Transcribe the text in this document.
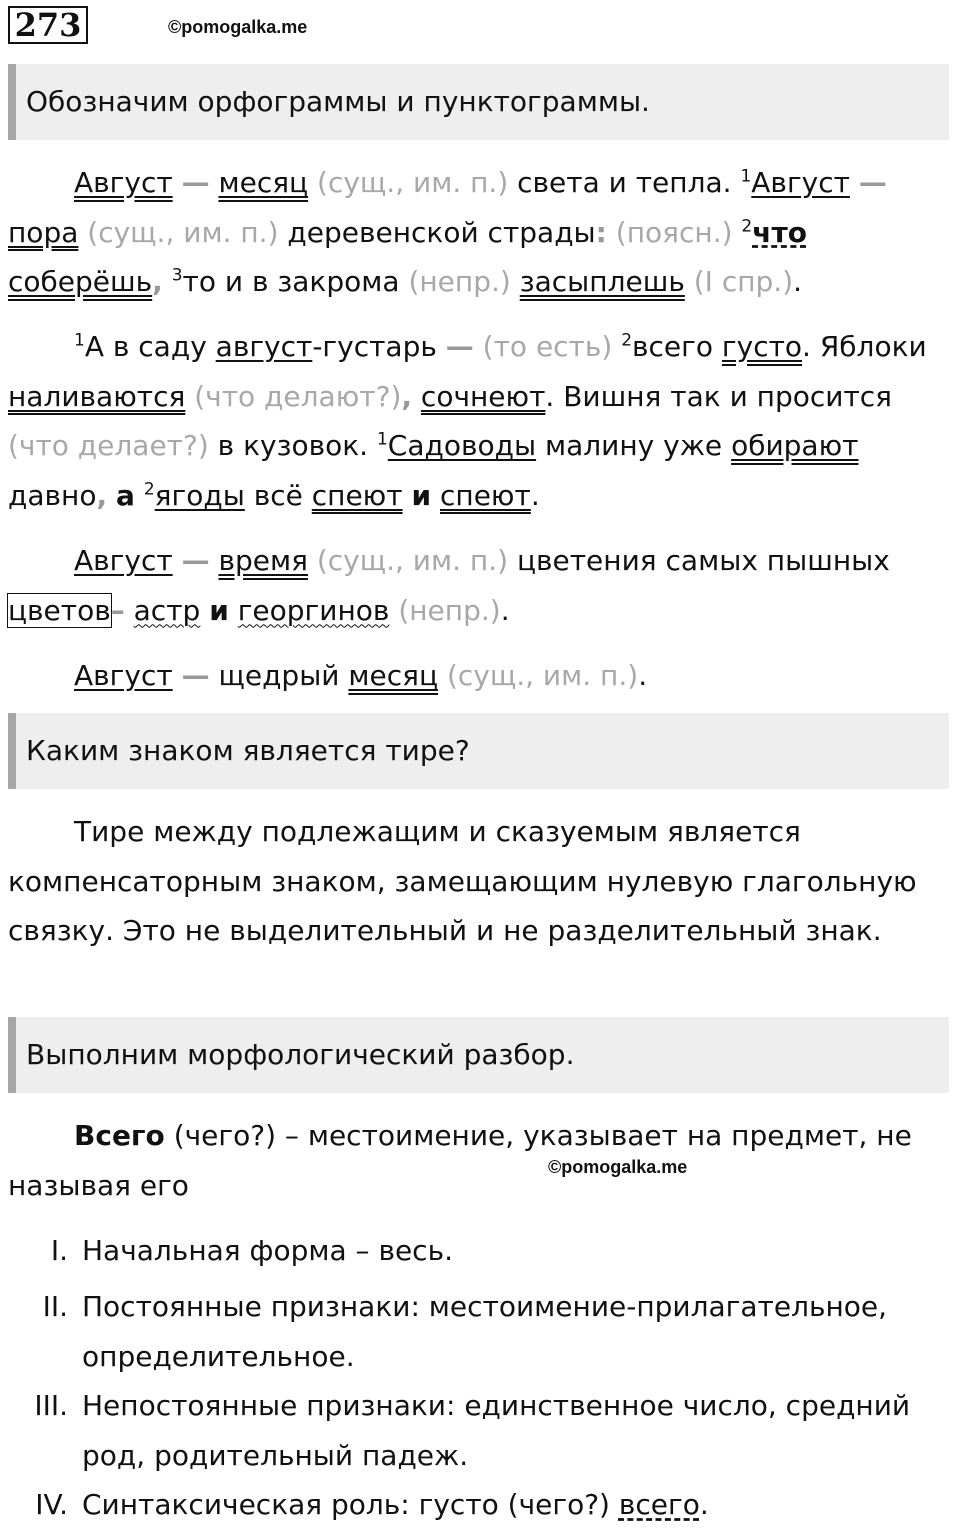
273	©pomogalka.me
Обозначим орфограммы и пунктограммы.

Август — месяц (сущ., им. п.) света и тепла. $^1$Август — пора (сущ., им. п.) деревенской страды: (поясн.) $^2$что соберёшь, $^3$то и в закрома (непр.) засыплешь (I спр.).

$^1$А в саду август-густарь — (то есть) $^2$всего густо. Яблоки наливаются (что делают?), сочнеют. Вишня так и просится (что делает?) в кузовок. $^1$Садоводы малину уже обирают давно, а $^2$ягоды всё спеют и спеют.

Август — время (сущ., им. п.) цветения самых пышных цветов– астр и георгинов (непр.).

Август — щедрый месяц (сущ., им. п.).

Каким знаком является тире?

Тире между подлежащим и сказуемым является компенсаторным знаком, замещающим нулевую глагольную связку. Это не выделительный и не разделительный знак.

Выполним морфологический разбор.

Всего (чего?) – местоимение, указывает на предмет, не называя его

©pomogalka.me
I. Начальная форма – весь.
II. Постоянные признаки: местоимение-прилагательное, определительное.
III. Непостоянные признаки: единственное число, средний род, родительный падеж.
IV. Синтаксическая роль: густо (чего?) всего.
